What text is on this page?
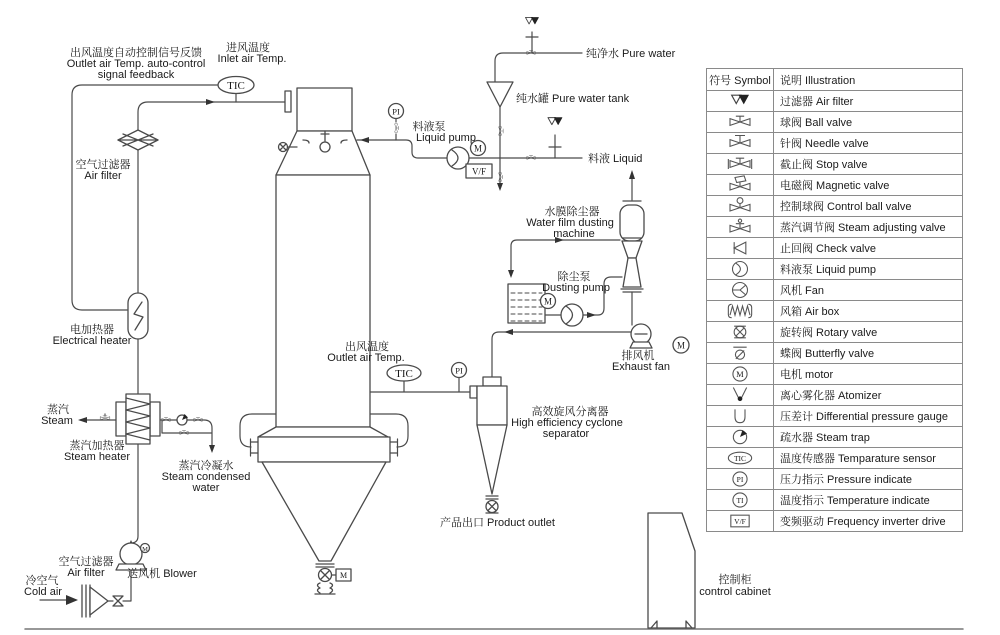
TIC
TIC
PI
PI
M
M
M
M
M
V/F
出风温度自动控制信号反馈
Outlet air Temp. auto-control
signal feedback
进风温度
Inlet air Temp.
空气过滤器
Air filter
电加热器
Electrical heater
蒸汽
Steam
蒸汽加热器
Steam heater
蒸汽冷凝水
Steam condensed
water
空气过滤器
Air filter 送风机 Blower
冷空气
Cold air
纯净水 Pure water
纯水罐 Pure water tank
料液泵
Liquid pump
料液 Liquid
水膜除尘器
Water film dusting
machine
除尘泵
Dusting pump
排风机
Exhaust fan
出风温度
Outlet air Temp.
高效旋风分离器
High efficiency cyclone
separator
产品出口 Product outlet
控制柜
control cabinet
符号 Symbol	说明 Illustration
	过滤器 Air filter
	球阀 Ball valve
	针阀 Needle valve
	截止阀 Stop valve
	电磁阀 Magnetic valve
	控制球阀 Control ball valve
	蒸汽调节阀 Steam adjusting valve
	止回阀 Check valve
	料液泵 Liquid pump
	风机 Fan
	风箱 Air box
	旋转阀 Rotary valve
	蝶阀 Butterfly valve

M	电机 motor
	离心雾化器 Atomizer
	压差计 Differential pressure gauge
	疏水器 Steam trap

TIC	温度传感器 Temparature sensor

PI	压力指示 Pressure indicate

TI	温度指示 Temperature indicate

V/F	变频驱动 Frequency inverter drive
